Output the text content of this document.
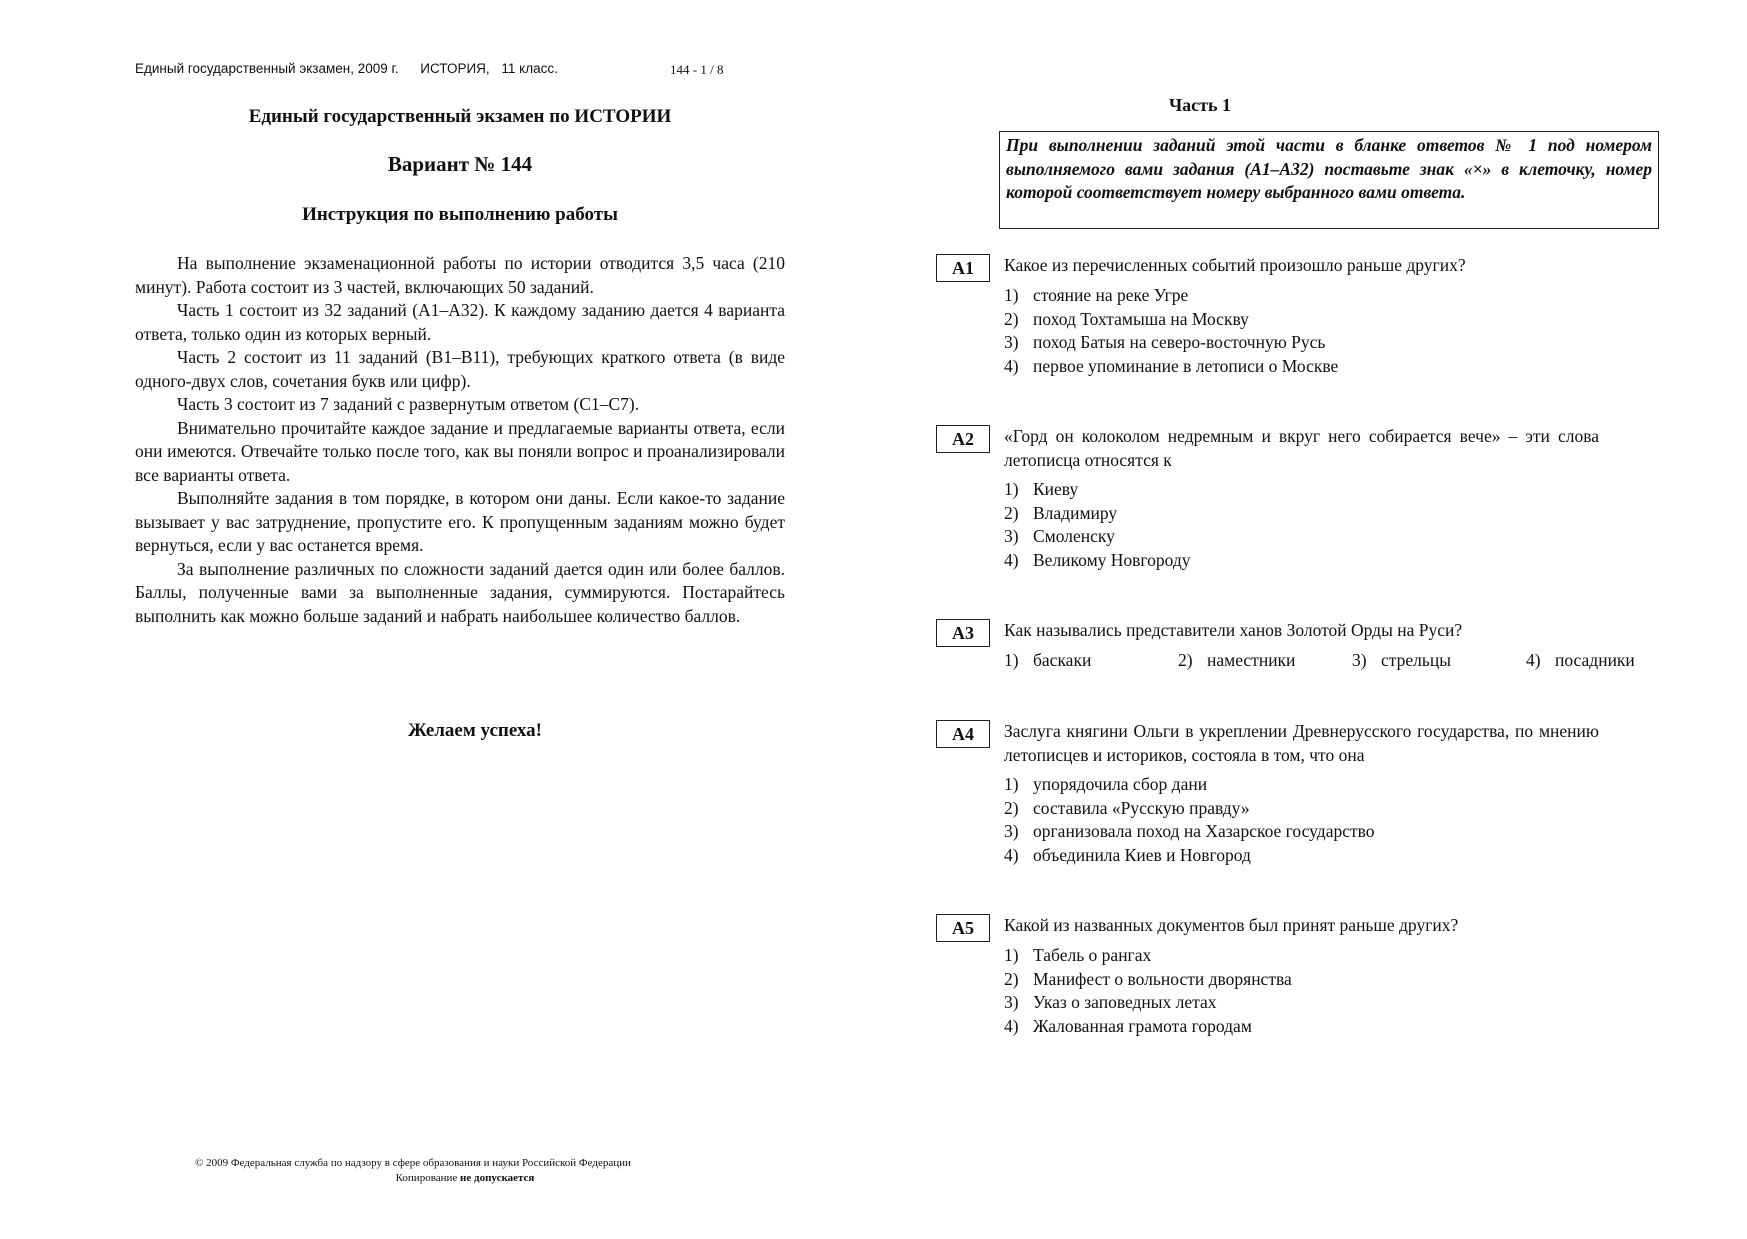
Единый государственный экзамен, 2009 г. ИСТОРИЯ, 11 класс.	144 - 1 / 8
Единый государственный экзамен по ИСТОРИИ
Вариант № 144
Инструкция по выполнению работы

На выполнение экзаменационной работы по истории отводится 3,5 часа (210 минут). Работа состоит из 3 частей, включающих 50 заданий.

Часть 1 состоит из 32 заданий (А1–А32). К каждому заданию дается 4 варианта ответа, только один из которых верный.

Часть 2 состоит из 11 заданий (В1–В11), требующих краткого ответа (в виде одного-двух слов, сочетания букв или цифр).

Часть 3 состоит из 7 заданий с развернутым ответом (С1–С7).

Внимательно прочитайте каждое задание и предлагаемые варианты ответа, если они имеются. Отвечайте только после того, как вы поняли вопрос и проанализировали все варианты ответа.

Выполняйте задания в том порядке, в котором они даны. Если какое-то задание вызывает у вас затруднение, пропустите его. К пропущенным заданиям можно будет вернуться, если у вас останется время.

За выполнение различных по сложности заданий дается один или более баллов. Баллы, полученные вами за выполненные задания, суммируются. Постарайтесь выполнить как можно больше заданий и набрать наибольшее количество баллов.

Желаем успеха!
© 2009 Федеральная служба по надзору в сфере образования и науки Российской Федерации
Копирование не допускается
Часть 1
При выполнении заданий этой части в бланке ответов № 1 под номером выполняемого вами задания (А1–А32) поставьте знак «×» в клеточку, номер которой соответствует номеру выбранного вами ответа.
А1	Какое из перечисленных событий произошло раньше других?
1) стояние на реке Угре
2) поход Тохтамыша на Москву
3) поход Батыя на северо-восточную Русь
4) первое упоминание в летописи о Москве
А2	«Горд он колоколом недремным и вкруг него собирается вече» – эти слова летописца относятся к
1) Киеву
2) Владимиру
3) Смоленску
4) Великому Новгороду
А3	Как назывались представители ханов Золотой Орды на Руси?
1) баскаки	2) наместники	3) стрельцы	4) посадники
А4	Заслуга княгини Ольги в укреплении Древнерусского государства, по мнению летописцев и историков, состояла в том, что она
1) упорядочила сбор дани
2) составила «Русскую правду»
3) организовала поход на Хазарское государство
4) объединила Киев и Новгород
А5	Какой из названных документов был принят раньше других?
1) Табель о рангах
2) Манифест о вольности дворянства
3) Указ о заповедных летах
4) Жалованная грамота городам
